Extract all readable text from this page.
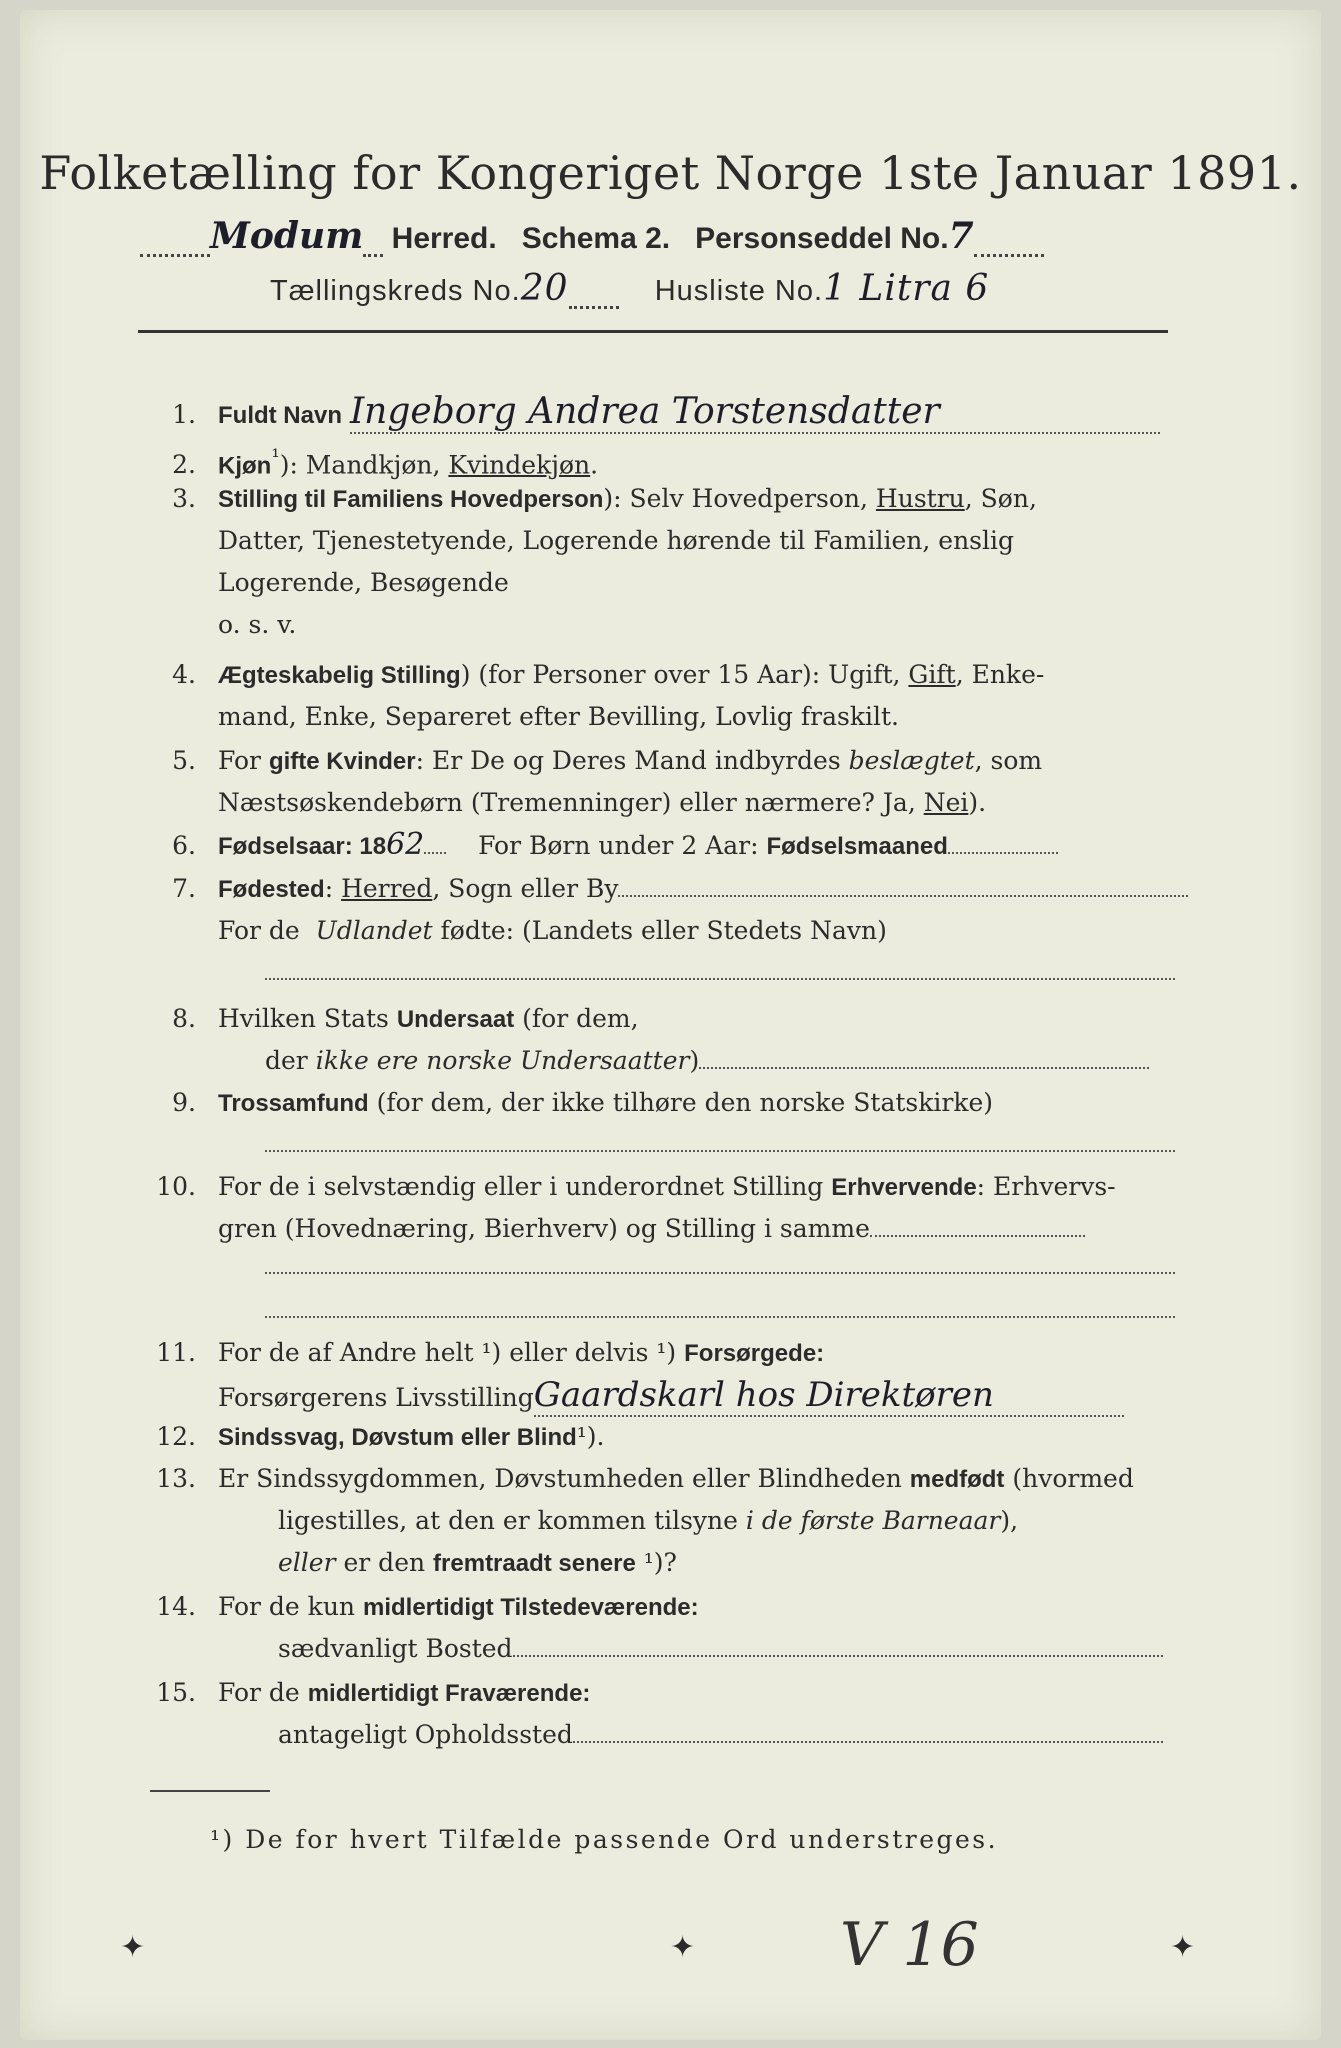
Folketælling for Kongeriget Norge 1ste Januar 1891.
Modum Herred. Schema 2. Personseddel No.7
Tællingskreds No.20	Husliste No.1 Litra 6
1. Fuldt Navn Ingeborg Andrea Torstensdatter
2. Kjøn$^{^1}$): Mandkjøn, Kvindekjøn.
3. Stilling til Familiens Hovedperson): Selv Hovedperson, Hustru, Søn,
Datter, Tjenestetyende, Logerende hørende til Familien, enslig
Logerende, Besøgende
o. s. v.
4. Ægteskabelig Stilling) (for Personer over 15 Aar): Ugift, Gift, Enke-
mand, Enke, Separeret efter Bevilling, Lovlig fraskilt.
5. For gifte Kvinder: Er De og Deres Mand indbyrdes beslægtet, som
Næstsøskendebørn (Tremenninger) eller nærmere? Ja, Nei).
6. Fødselsaar: 1862 For Børn under 2 Aar: Fødselsmaaned
7. Fødested: Herred, Sogn eller By
For de  Udlandet fødte: (Landets eller Stedets Navn)
8. Hvilken Stats Undersaat (for dem,
der ikke ere norske Undersaatter)
9. Trossamfund (for dem, der ikke tilhøre den norske Statskirke)
10. For de i selvstændig eller i underordnet Stilling Erhvervende: Erhvervs-
gren (Hovednæring, Bierhverv) og Stilling i samme
11. For de af Andre helt ¹) eller delvis ¹) Forsørgede:
Forsørgerens LivsstillingGaardskarl hos Direktøren
12. Sindssvag, Døvstum eller Blind¹).
13. Er Sindssygdommen, Døvstumheden eller Blindheden medfødt (hvormed
ligestilles, at den er kommen tilsyne i de første Barneaar),
eller er den fremtraadt senere ¹)?
14. For de kun midlertidigt Tilstedeværende:
sædvanligt Bosted
15. For de midlertidigt Fraværende:
antageligt Opholdssted
¹) De for hvert Tilfælde passende Ord understreges.
✦	✦	✦
V 16
